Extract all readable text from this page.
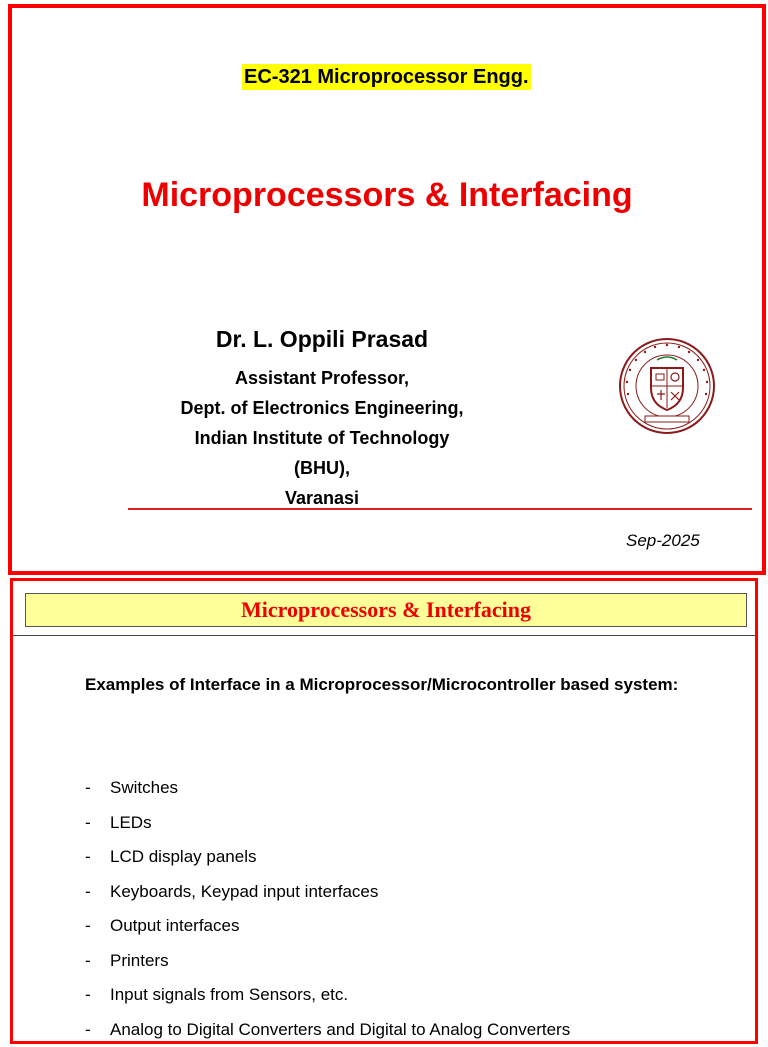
EC-321 Microprocessor Engg.
Microprocessors & Interfacing
Dr. L. Oppili Prasad
Assistant Professor,
Dept. of Electronics Engineering,
Indian Institute of Technology (BHU),
Varanasi
Sep-2025
Microprocessors & Interfacing
Examples of Interface in a Microprocessor/Microcontroller based system:
- Switches
- LEDs
- LCD display panels
- Keyboards, Keypad input interfaces
- Output interfaces
- Printers
- Input signals from Sensors, etc.
- Analog to Digital Converters and Digital to Analog Converters
